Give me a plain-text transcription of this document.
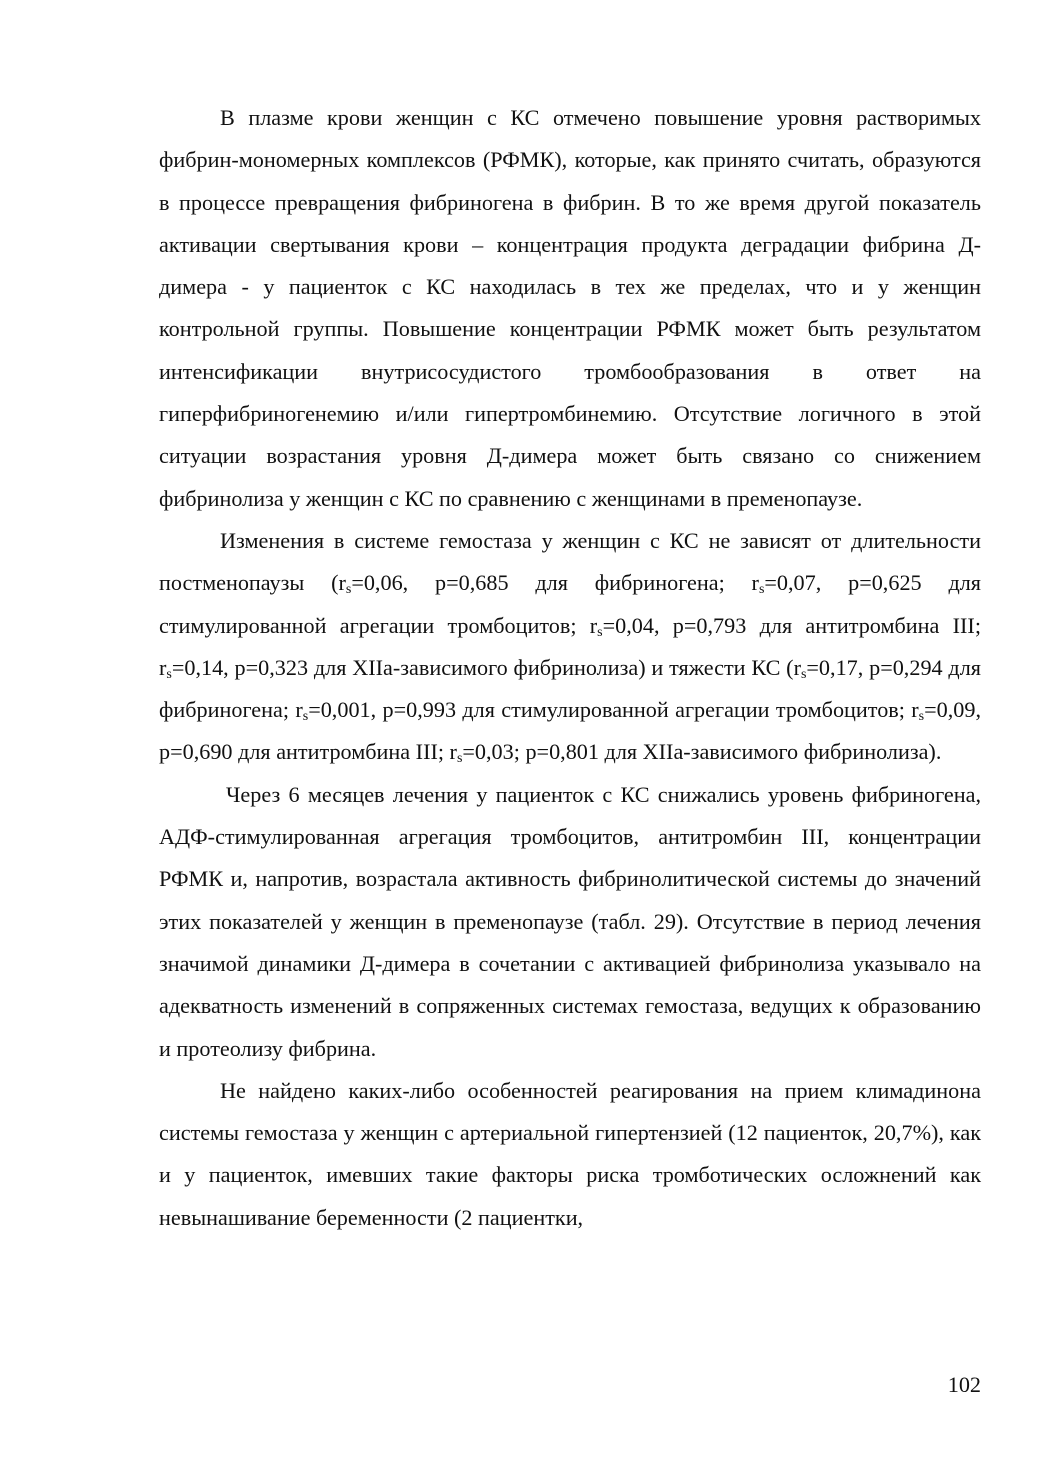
В плазме крови женщин с КС отмечено повышение уровня растворимых фибрин-мономерных комплексов (РФМК), которые, как принято считать, образуются в процессе превращения фибриногена в фибрин. В то же время другой показатель активации свертывания крови – концентрация продукта деградации фибрина Д-димера - у пациенток с КС находилась в тех же пределах, что и у женщин контрольной группы. Повышение концентрации РФМК может быть результатом интенсификации внутрисосудистого тромбообразования в ответ на гиперфибриногенемию и/или гипертромбинемию. Отсутствие логичного в этой ситуации возрастания уровня Д-димера может быть связано со снижением фибринолиза у женщин с КС по сравнению с женщинами в пременопаузе.

Изменения в системе гемостаза у женщин с КС не зависят от длительности постменопаузы ($r_s=0,06$, p=0,685 для фибриногена; $r_s=0,07$, p=0,625 для стимулированной агрегации тромбоцитов; $r_s=0,04$, p=0,793 для антитромбина III; $r_s=0,14$, p=0,323 для XIIa-зависимого фибринолиза) и тяжести КС ($r_s=0,17$, p=0,294 для фибриногена; $r_s=0,001$, p=0,993 для стимулированной агрегации тромбоцитов; $r_s=0,09$, p=0,690 для антитромбина III; $r_s=0,03$; p=0,801 для XIIa-зависимого фибринолиза).

Через 6 месяцев лечения у пациенток с КС снижались уровень фибриногена, АДФ-стимулированная агрегация тромбоцитов, антитромбин III, концентрации РФМК и, напротив, возрастала активность фибринолитической системы до значений этих показателей у женщин в пременопаузе (табл. 29). Отсутствие в период лечения значимой динамики Д-димера в сочетании с активацией фибринолиза указывало на адекватность изменений в сопряженных системах гемостаза, ведущих к образованию и протеолизу фибрина.

Не найдено каких-либо особенностей реагирования на прием климадинона системы гемостаза у женщин с артериальной гипертензией (12 пациенток, 20,7%), как и у пациенток, имевших такие факторы риска тромботических осложнений как невынашивание беременности (2 пациентки,

102
